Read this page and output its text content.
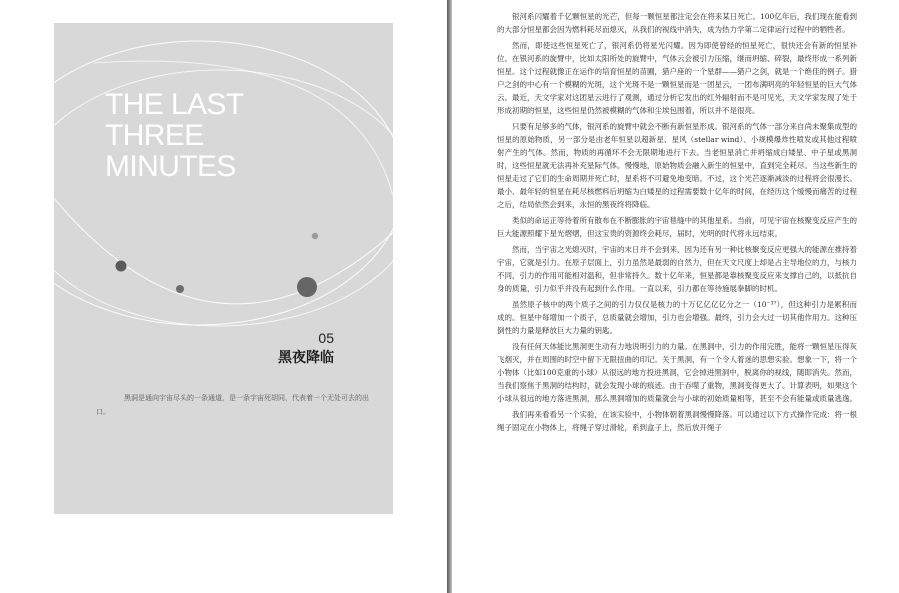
THE LAST
THREE
MINUTES
05
黑夜降临
黑洞是通向宇宙尽头的一条通道，是一条宇宙死胡同，代表着一个无处可去的出口。

银河系闪耀着千亿颗恒星的光芒，但每一颗恒星都注定会在将来某日死亡。100亿年后，我们现在能看到的大部分恒星都会因为燃料耗尽而熄灭，从我们的视线中消失，成为热力学第二定律运行过程中的牺牲者。

然而，即使这些恒星死亡了，银河系仍将星光闪耀。因为即使曾经的恒星死亡，很快还会有新的恒星补位。在银河系的旋臂中，比如太阳所处的旋臂中，气体云会被引力压缩，继而坍缩、碎裂，最终形成一系列新恒星。这个过程就像正在运作的培育恒星的苗圃，猎户座的一个星群——猎户之剑，就是一个绝佳的例子。猎户之剑的中心有一个模糊的光斑，这个光斑不是一颗恒星而是一团星云，一团布满明亮的年轻恒星的巨大气体云。最近，天文学家对这团星云进行了观测，通过分析它发出的红外辐射而不是可见光，天文学家发现了处于形成初期的恒星，这些恒星仍然被模糊的气体和尘埃包围着，所以并不是很亮。

只要有足够多的气体，银河系的旋臂中就会不断有新恒星形成。银河系的气体一部分来自尚未聚集成型的恒星的原始物质，另一部分是由老年恒星以超新星、星风（stellar wind）、小规模爆炸性喷发或其他过程喷射产生的气体。然而，物质的再循环不会无限期地进行下去。当老恒星消亡并坍缩成白矮星、中子星或黑洞时，这些恒星就无法再补充星际气体。慢慢地，原始物质会融入新生的恒星中，直到完全耗尽。当这些新生的恒星走过了它们的生命周期并死亡时，星系将不可避免地变暗。不过，这个光芒逐渐减淡的过程将会很漫长。最小、最年轻的恒星在耗尽核燃料后坍缩为白矮星的过程需要数十亿年的时间，在经历这个缓慢而痛苦的过程之后，结局依然会到来，永恒的黑夜终将降临。

类似的命运正等待着所有散布在不断膨胀的宇宙毯缝中的其他星系。当前，可见宇宙在核聚变反应产生的巨大能源照耀下星光熠熠，但这宝贵的资源终会耗尽，届时，光明的时代将永远结束。

然而，当宇宙之光熄灭时，宇宙的末日并不会到来，因为还有另一种比核聚变反应更强大的能源在推持着宇宙，它就是引力。在原子层面上，引力虽然是最弱的自然力，但在天文尺度上却是占主导地位的力，与核力不同，引力的作用可能相对温和，但非常持久。数十亿年来，恒星都是靠核聚变反应来支撑自己的，以抵抗自身的质量，引力似乎并没有起到什么作用。一直以来，引力都在等待施展拳脚的时机。

虽然原子核中的两个质子之间的引力仅仅是核力的十万亿亿亿亿分之一（10⁻³⁷），但这种引力是累积而成的。恒星中每增加一个质子，总质量就会增加，引力也会增强。最终，引力会大过一切其他作用力。这种压倒性的力量是释放巨大力量的钥匙。

没有任何天体能比黑洞更生动有力地说明引力的力量。在黑洞中，引力的作用完胜，能将一颗恒星压得灰飞烟灭，并在周围的时空中留下无限扭曲的印记。关于黑洞，有一个令人着迷的思想实验。想象一下，将一个小物体（比如100克重的小球）从很远的地方投进黑洞，它会掉进黑洞中，脱离你的视线，随即消失。然而，当我们察焦于黑洞的结构时，就会发现小球的痕迹。由于吞噬了重物，黑洞变得更大了。计算表明，如果这个小球从很远的地方落进黑洞，那么黑洞增加的质量就会与小球的初始质量相等，甚至不会有能量或质量逃逸。

我们再来看看另一个实验，在该实验中，小物体朝着黑洞慢慢降落。可以通过以下方式操作完成：将一根绳子固定在小物体上，将绳子穿过滑轮，系到盒子上，然后放开绳子
